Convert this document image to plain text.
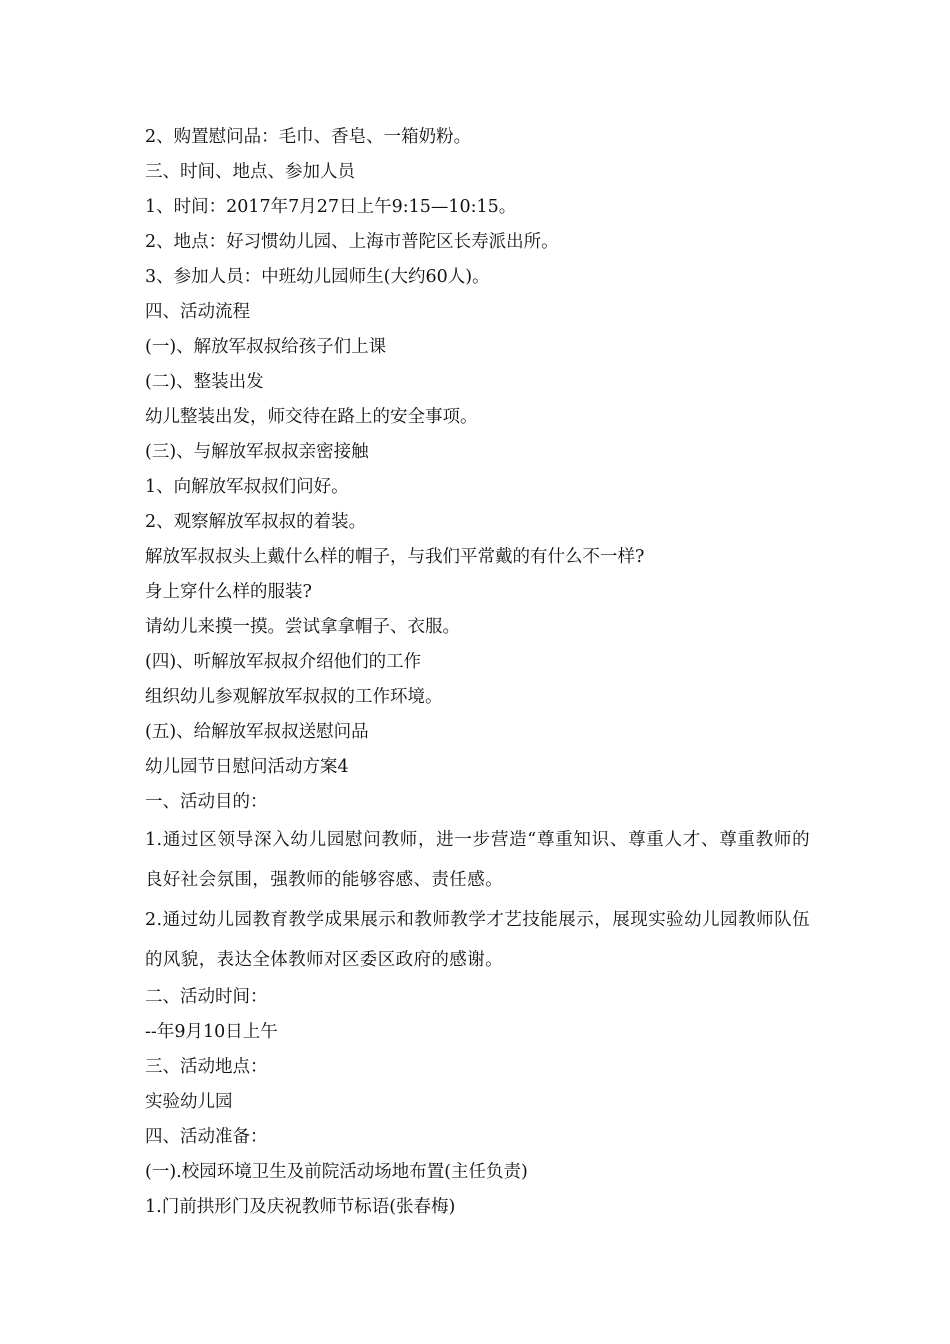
2、购置慰问品：毛巾、香皂、一箱奶粉。

三、时间、地点、参加人员

1、时间：2017年7月27日上午9:15—10:15。

2、地点：好习惯幼儿园、上海市普陀区长寿派出所。

3、参加人员：中班幼儿园师生(大约60人)。

四、活动流程

(一)、解放军叔叔给孩子们上课

(二)、整装出发

幼儿整装出发，师交待在路上的安全事项。

(三)、与解放军叔叔亲密接触

1、向解放军叔叔们问好。

2、观察解放军叔叔的着装。

解放军叔叔头上戴什么样的帽子，与我们平常戴的有什么不一样?

身上穿什么样的服装?

请幼儿来摸一摸。尝试拿拿帽子、衣服。

(四)、听解放军叔叔介绍他们的工作

组织幼儿参观解放军叔叔的工作环境。

(五)、给解放军叔叔送慰问品

幼儿园节日慰问活动方案4

一、活动目的：

1.通过区领导深入幼儿园慰问教师，进一步营造“尊重知识、尊重人才、尊重教师的良好社会氛围，强教师的能够容感、责任感。

2.通过幼儿园教育教学成果展示和教师教学才艺技能展示，展现实验幼儿园教师队伍的风貌，表达全体教师对区委区政府的感谢。

二、活动时间：

--年9月10日上午

三、活动地点：

实验幼儿园

四、活动准备：

(一).校园环境卫生及前院活动场地布置(主任负责)

1.门前拱形门及庆祝教师节标语(张春梅)
